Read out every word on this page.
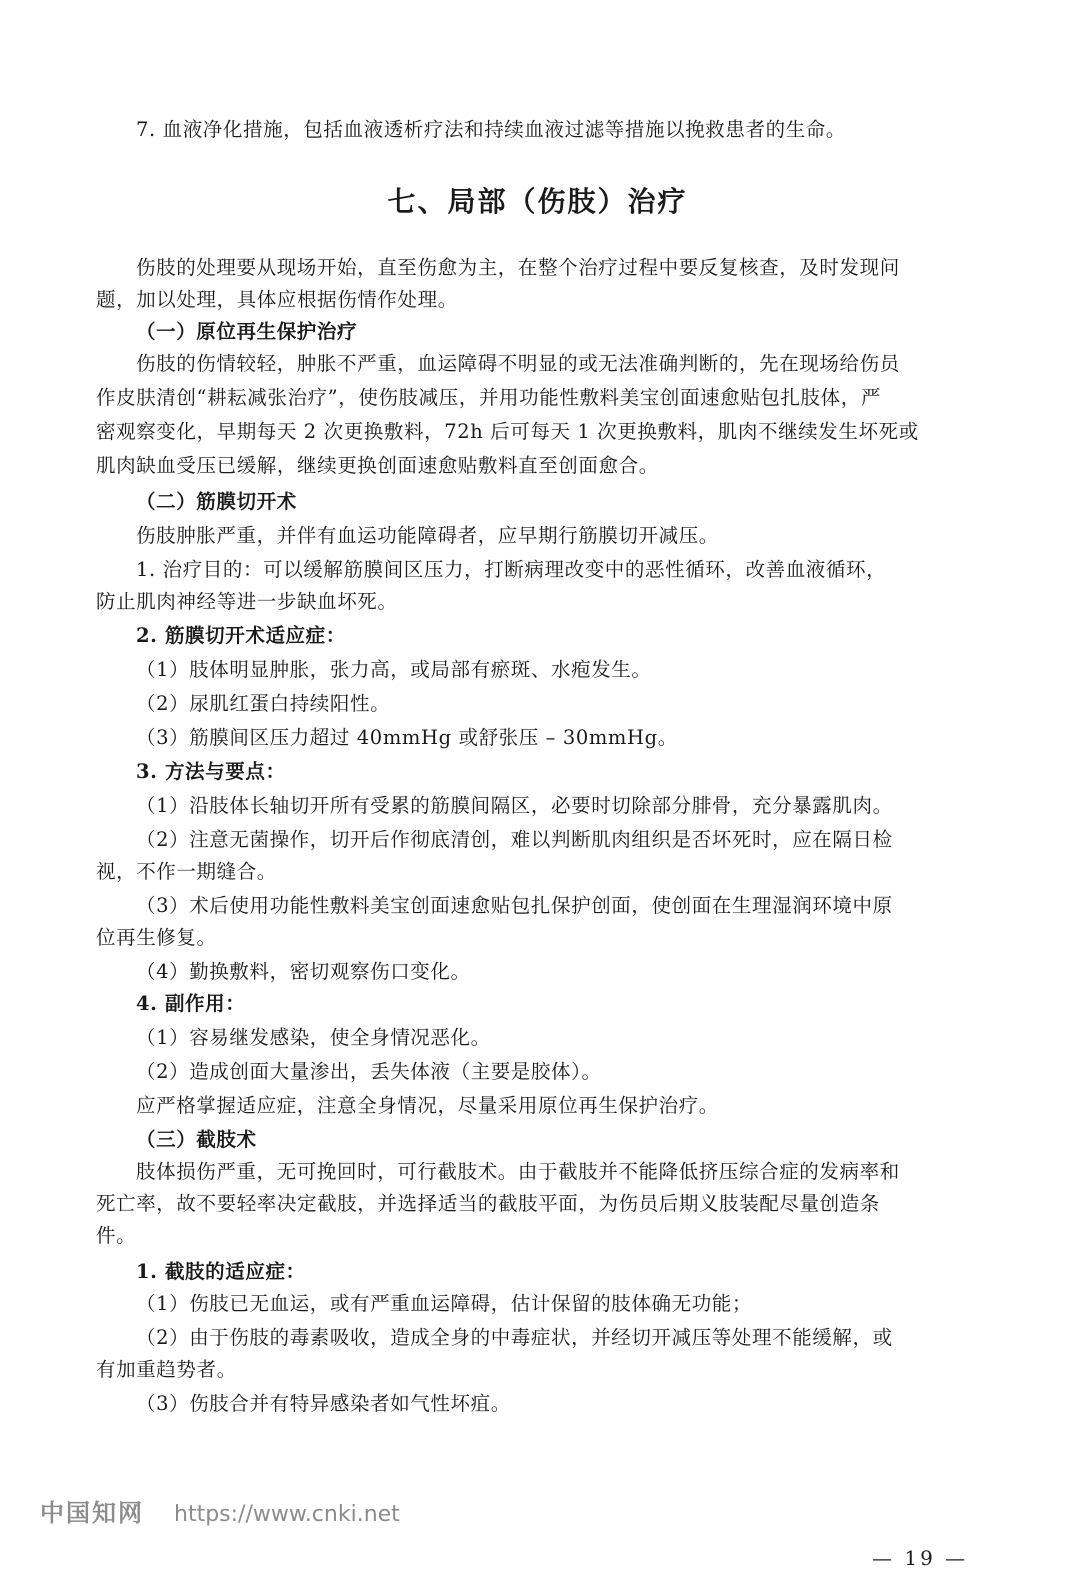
7. 血液净化措施，包括血液透析疗法和持续血液过滤等措施以挽救患者的生命。
七、局部（伤肢）治疗
伤肢的处理要从现场开始，直至伤愈为主，在整个治疗过程中要反复核查，及时发现问
题，加以处理，具体应根据伤情作处理。
（一）原位再生保护治疗
伤肢的伤情较轻，肿胀不严重，血运障碍不明显的或无法准确判断的，先在现场给伤员
作皮肤清创“耕耘减张治疗”，使伤肢减压，并用功能性敷料美宝创面速愈贴包扎肢体，严
密观察变化，早期每天 2 次更换敷料，72h 后可每天 1 次更换敷料，肌肉不继续发生坏死或
肌肉缺血受压已缓解，继续更换创面速愈贴敷料直至创面愈合。
（二）筋膜切开术
伤肢肿胀严重，并伴有血运功能障碍者，应早期行筋膜切开减压。
1. 治疗目的：可以缓解筋膜间区压力，打断病理改变中的恶性循环，改善血液循环，
防止肌肉神经等进一步缺血坏死。
2. 筋膜切开术适应症：
（1）肢体明显肿胀，张力高，或局部有瘀斑、水疱发生。
（2）尿肌红蛋白持续阳性。
（3）筋膜间区压力超过 40mmHg 或舒张压 – 30mmHg。
3. 方法与要点：
（1）沿肢体长轴切开所有受累的筋膜间隔区，必要时切除部分腓骨，充分暴露肌肉。
（2）注意无菌操作，切开后作彻底清创，难以判断肌肉组织是否坏死时，应在隔日检
视，不作一期缝合。
（3）术后使用功能性敷料美宝创面速愈贴包扎保护创面，使创面在生理湿润环境中原
位再生修复。
（4）勤换敷料，密切观察伤口变化。
4. 副作用：
（1）容易继发感染，使全身情况恶化。
（2）造成创面大量渗出，丢失体液（主要是胶体）。
应严格掌握适应症，注意全身情况，尽量采用原位再生保护治疗。
（三）截肢术
肢体损伤严重，无可挽回时，可行截肢术。由于截肢并不能降低挤压综合症的发病率和
死亡率，故不要轻率决定截肢，并选择适当的截肢平面，为伤员后期义肢装配尽量创造条
件。
1. 截肢的适应症：
（1）伤肢已无血运，或有严重血运障碍，估计保留的肢体确无功能；
（2）由于伤肢的毒素吸收，造成全身的中毒症状，并经切开减压等处理不能缓解，或
有加重趋势者。
（3）伤肢合并有特异感染者如气性坏疽。
— 19 —
中国知网 https://www.cnki.net
